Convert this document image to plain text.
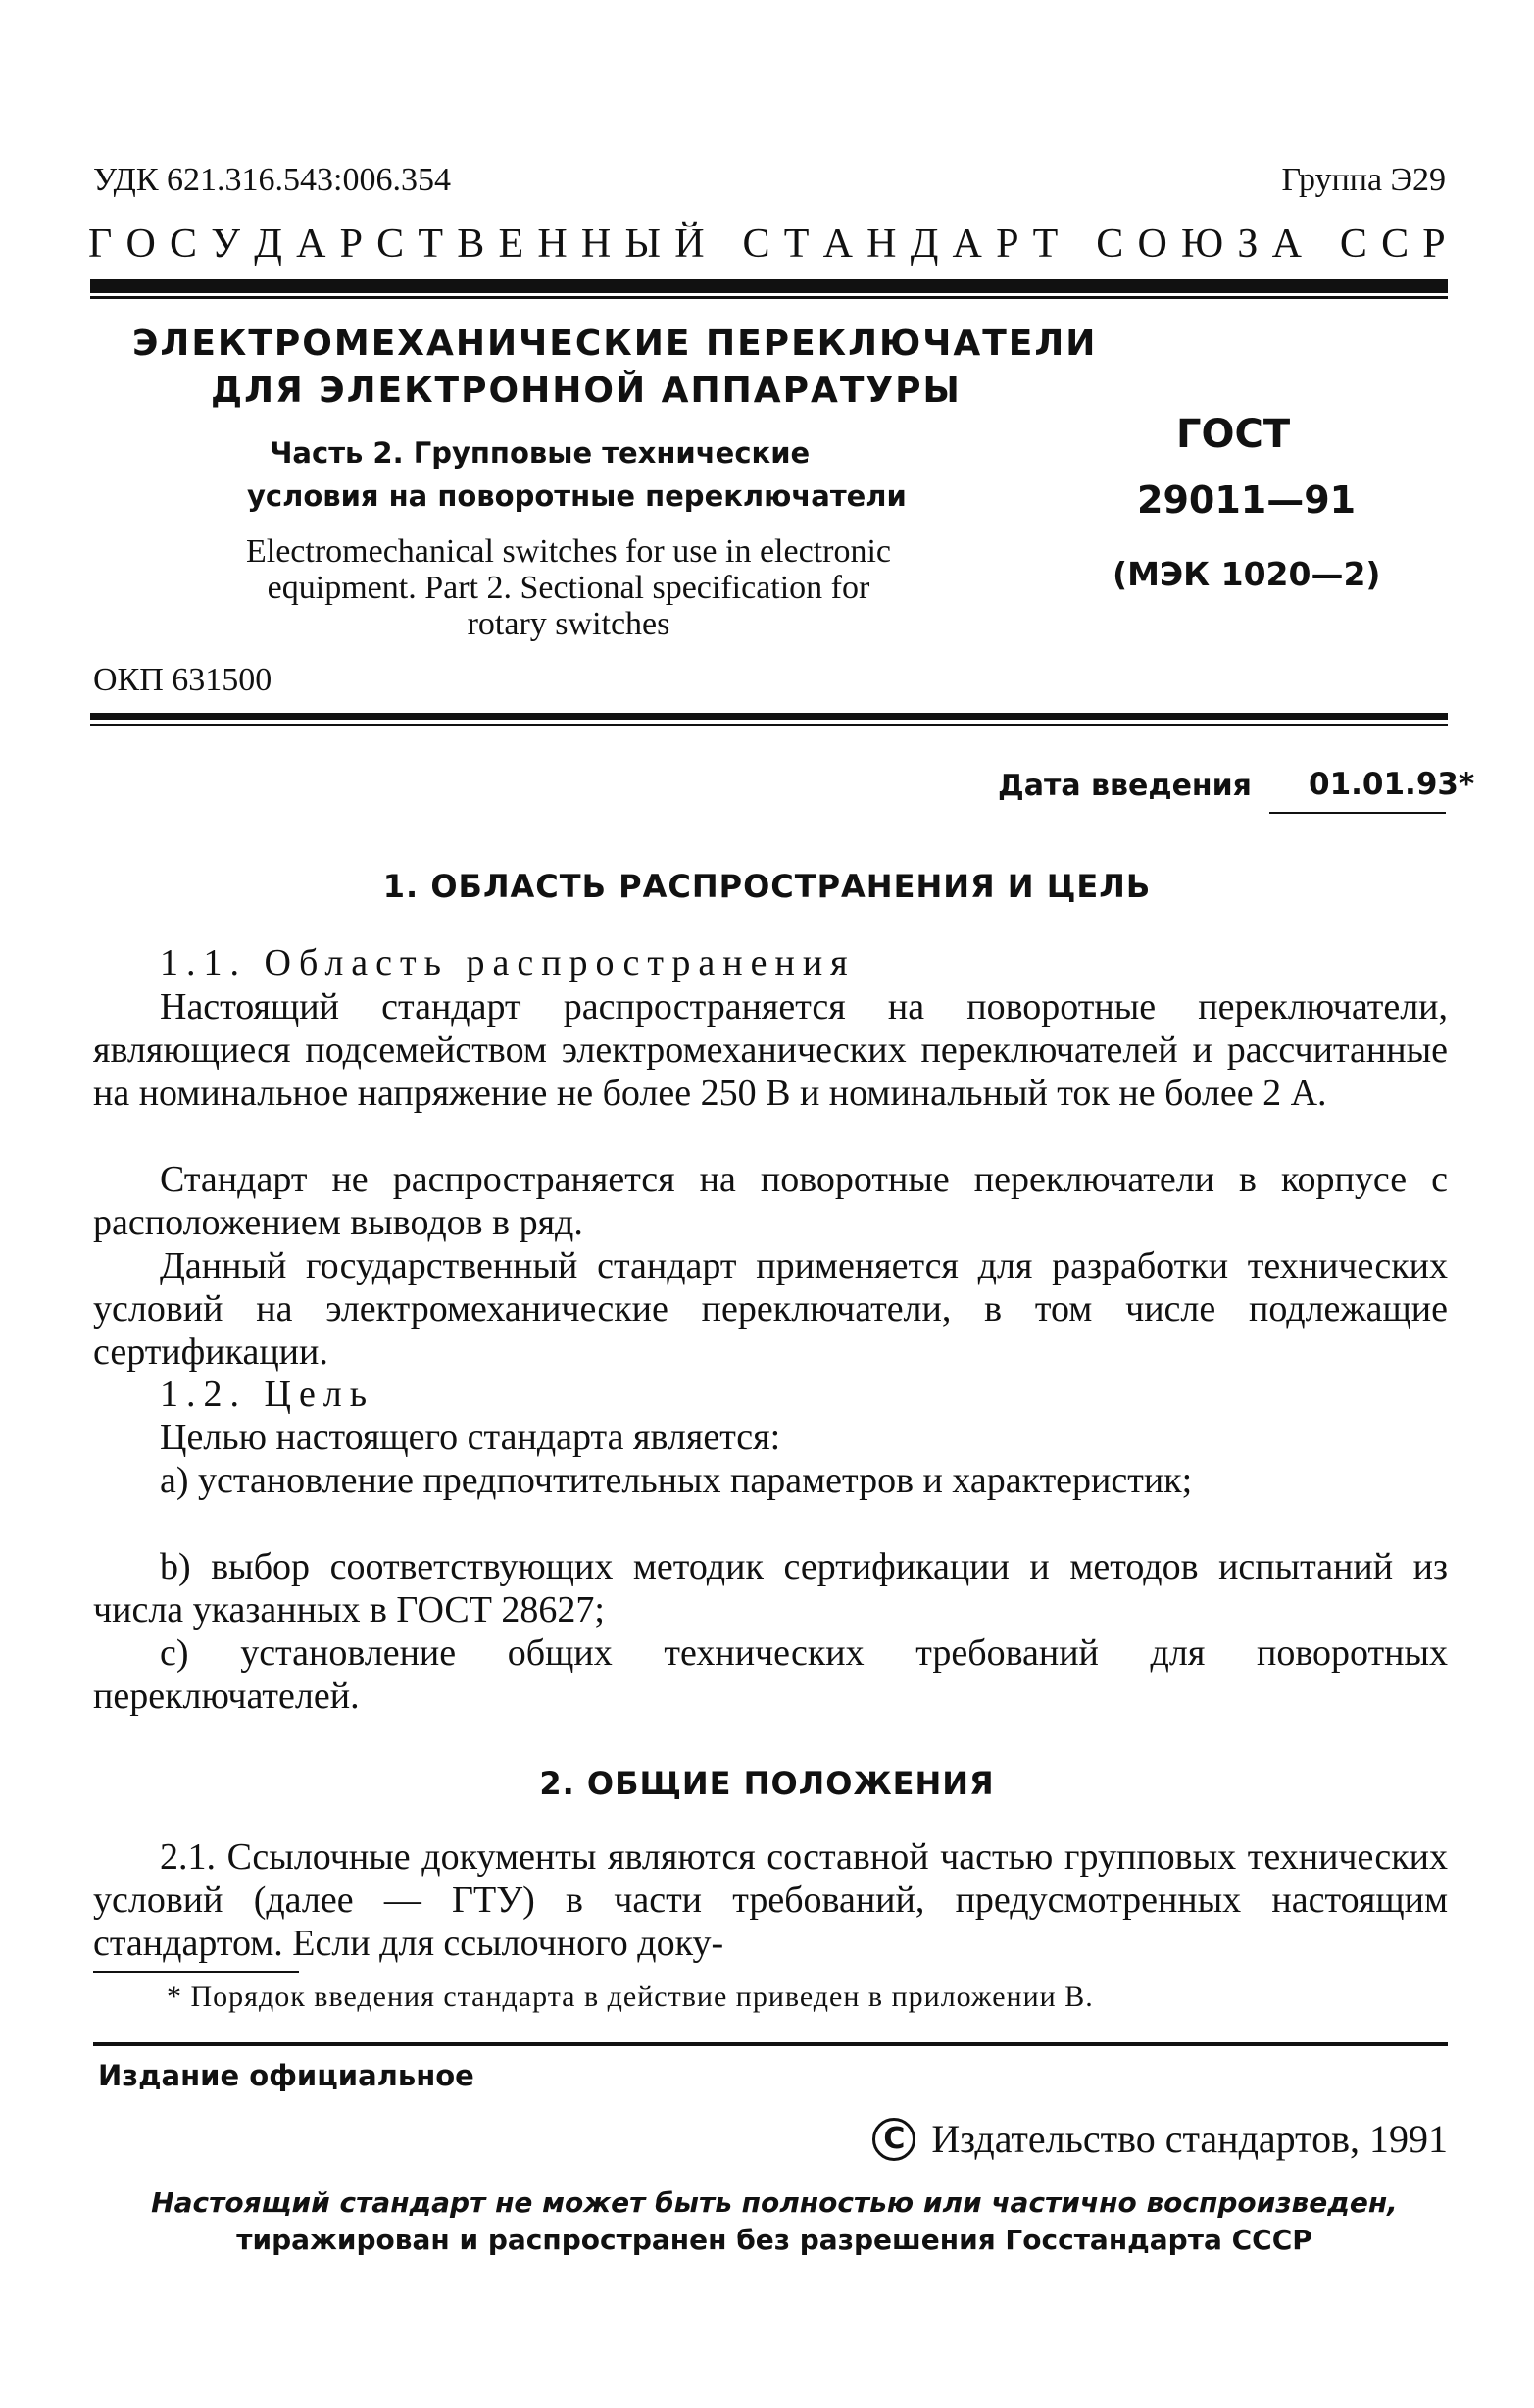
УДК 621.316.543:006.354	Группа Э29
Г О С У Д А Р С Т В Е Н Н Ы Й
С Т А Н Д А Р Т
С О Ю З А
С С Р
ЭЛЕКТРОМЕХАНИЧЕСКИЕ ПЕРЕКЛЮЧАТЕЛИ
ДЛЯ ЭЛЕКТРОННОЙ АППАРАТУРЫ
Часть 2. Групповые технические
условия на поворотные переключатели
Electromechanical switches for use in electronic equipment. Part 2. Sectional specification for rotary switches
ГОСТ
29011—91
(МЭК 1020—2)
ОКП 631500
Дата введения 01.01.93*
1. ОБЛАСТЬ РАСПРОСТРАНЕНИЯ И ЦЕЛЬ
1.1. Область распространения
Настоящий стандарт распространяется на поворотные переключатели, являющиеся подсемейством электромеханических переключателей и рассчитанные на номинальное напряжение не более 250 В и номинальный ток не более 2 А.
Стандарт не распространяется на поворотные переключатели в корпусе с расположением выводов в ряд.
Данный государственный стандарт применяется для разработки технических условий на электромеханические переключатели, в том числе подлежащие сертификации.
1.2. Цель
Целью настоящего стандарта является:
а) установление предпочтительных параметров и характеристик;
b) выбор соответствующих методик сертификации и методов испытаний из числа указанных в ГОСТ 28627;
с) установление общих технических требований для поворотных переключателей.
2. ОБЩИЕ ПОЛОЖЕНИЯ
2.1. Ссылочные документы являются составной частью групповых технических условий (далее — ГТУ) в части требований, предусмотренных настоящим стандартом. Если для ссылочного доку-
* Порядок введения стандарта в действие приведен в приложении В.
Издание официальное
C Издательство стандартов, 1991
Настоящий стандарт не может быть полностью или частично воспроизведен,
тиражирован и распространен без разрешения Госстандарта СССР
